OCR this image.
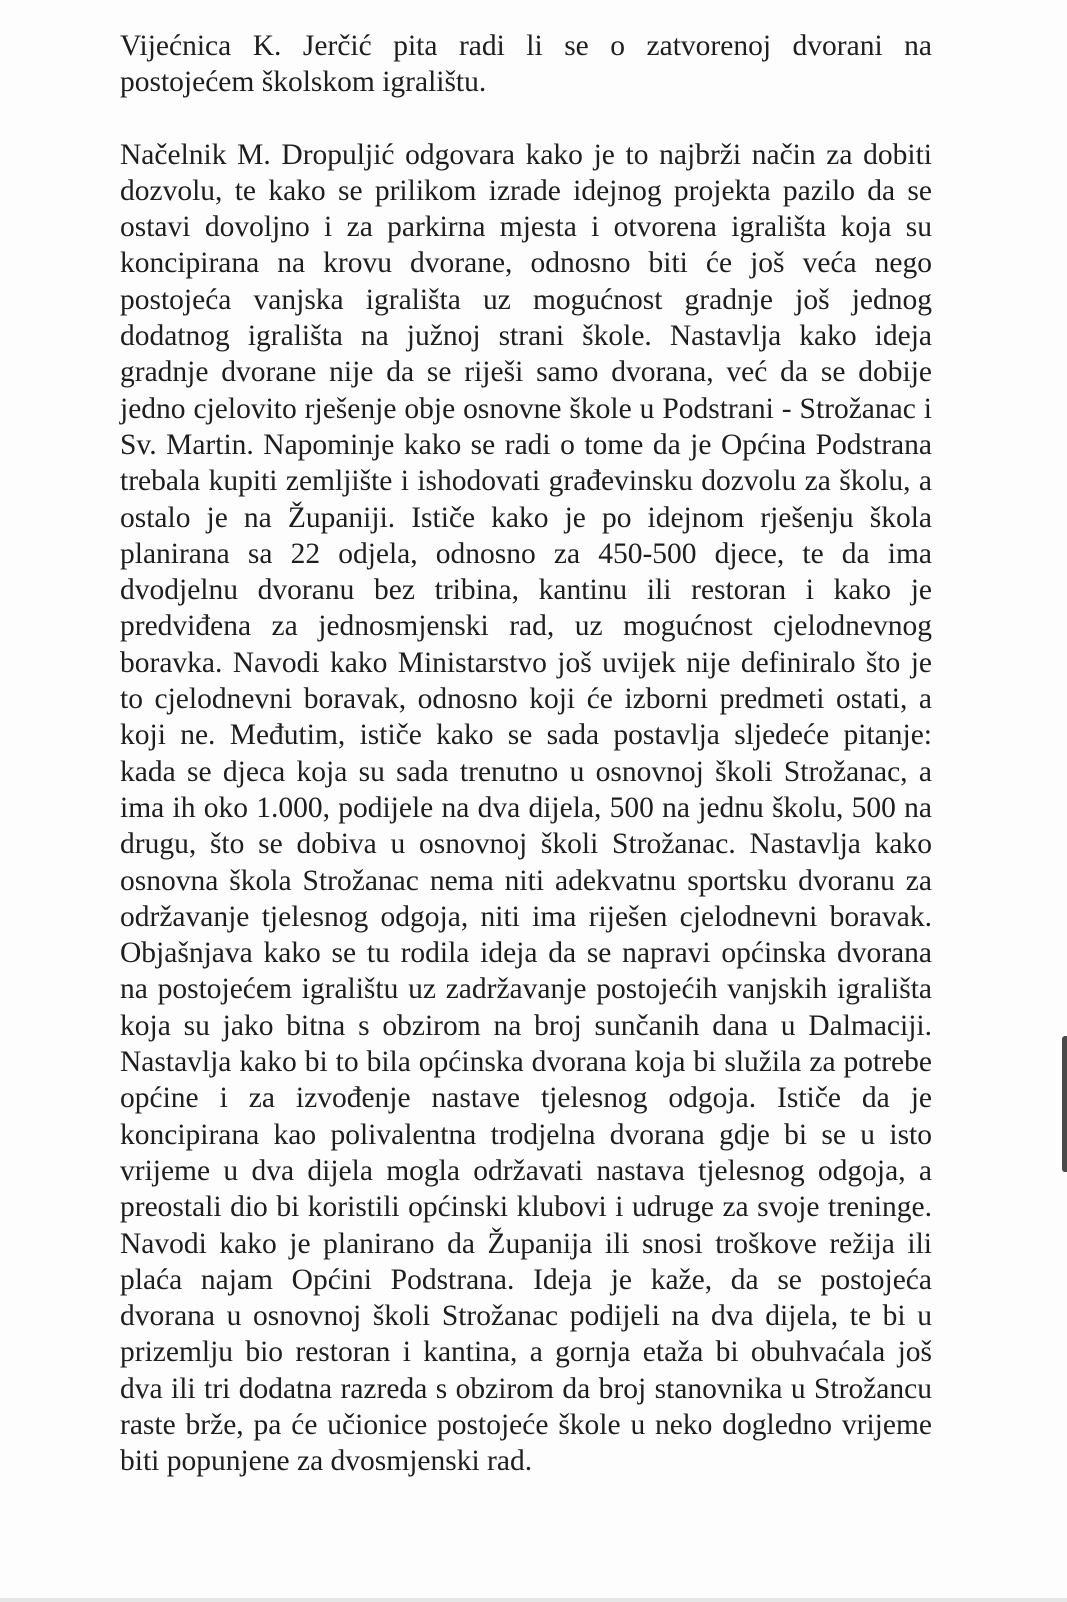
Vijećnica K. Jerčić pita radi li se o zatvorenoj dvorani na postojećem školskom igralištu.

Načelnik M. Dropuljić odgovara kako je to najbrži način za dobiti dozvolu, te kako se prilikom izrade idejnog projekta pazilo da se ostavi dovoljno i za parkirna mjesta i otvorena igrališta koja su koncipirana na krovu dvorane, odnosno biti će još veća nego postojeća vanjska igrališta uz mogućnost gradnje još jednog dodatnog igrališta na južnoj strani škole. Nastavlja kako ideja gradnje dvorane nije da se riješi samo dvorana, već da se dobije jedno cjelovito rješenje obje osnovne škole u Podstrani - Strožanac i Sv. Martin. Napominje kako se radi o tome da je Općina Podstrana trebala kupiti zemljište i ishodovati građevinsku dozvolu za školu, a ostalo je na Županiji. Ističe kako je po idejnom rješenju škola planirana sa 22 odjela, odnosno za 450-500 djece, te da ima dvodjelnu dvoranu bez tribina, kantinu ili restoran i kako je predviđena za jednosmjenski rad, uz mogućnost cjelodnevnog boravka. Navodi kako Ministarstvo još uvijek nije definiralo što je to cjelodnevni boravak, odnosno koji će izborni predmeti ostati, a koji ne. Međutim, ističe kako se sada postavlja sljedeće pitanje: kada se djeca koja su sada trenutno u osnovnoj školi Strožanac, a ima ih oko 1.000, podijele na dva dijela, 500 na jednu školu, 500 na drugu, što se dobiva u osnovnoj školi Strožanac. Nastavlja kako osnovna škola Strožanac nema niti adekvatnu sportsku dvoranu za održavanje tjelesnog odgoja, niti ima riješen cjelodnevni boravak. Objašnjava kako se tu rodila ideja da se napravi općinska dvorana na postojećem igralištu uz zadržavanje postojećih vanjskih igrališta koja su jako bitna s obzirom na broj sunčanih dana u Dalmaciji. Nastavlja kako bi to bila općinska dvorana koja bi služila za potrebe općine i za izvođenje nastave tjelesnog odgoja. Ističe da je koncipirana kao polivalentna trodjelna dvorana gdje bi se u isto vrijeme u dva dijela mogla održavati nastava tjelesnog odgoja, a preostali dio bi koristili općinski klubovi i udruge za svoje treninge. Navodi kako je planirano da Županija ili snosi troškove režija ili plaća najam Općini Podstrana. Ideja je kaže, da se postojeća dvorana u osnovnoj školi Strožanac podijeli na dva dijela, te bi u prizemlju bio restoran i kantina, a gornja etaža bi obuhvaćala još dva ili tri dodatna razreda s obzirom da broj stanovnika u Strožancu raste brže, pa će učionice postojeće škole u neko dogledno vrijeme biti popunjene za dvosmjenski rad.
